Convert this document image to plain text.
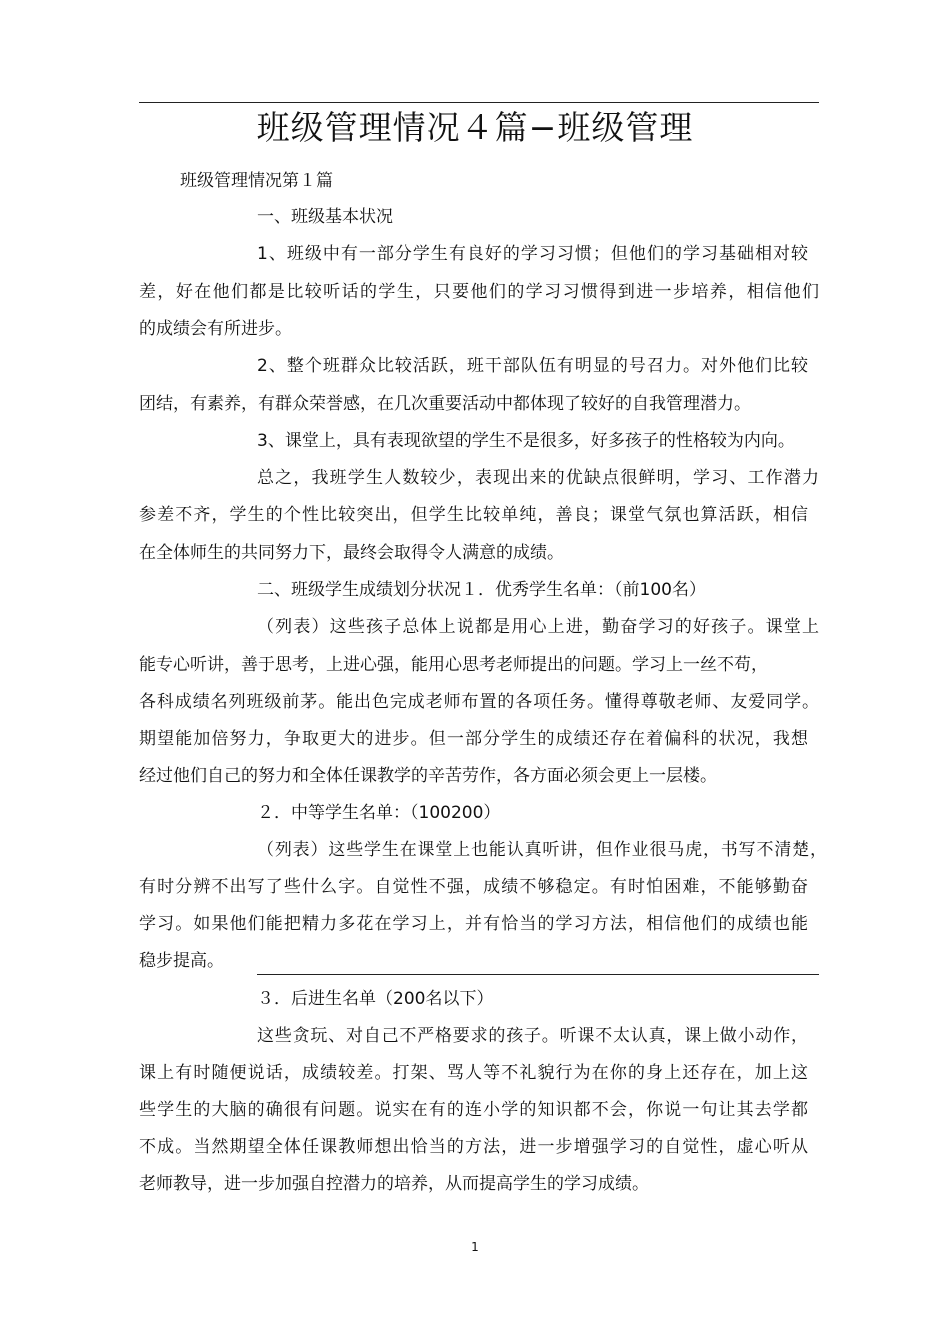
班级管理情况４篇−班级管理
班级管理情况第１篇
一、班级基本状况
1、班级中有一部分学生有良好的学习习惯；但他们的学习基础相对较
差，好在他们都是比较听话的学生，只要他们的学习习惯得到进一步培养，相信他们
的成绩会有所进步。
2、整个班群众比较活跃，班干部队伍有明显的号召力。对外他们比较
团结，有素养，有群众荣誉感，在几次重要活动中都体现了较好的自我管理潜力。
3、课堂上，具有表现欲望的学生不是很多，好多孩子的性格较为内向。
总之，我班学生人数较少，表现出来的优缺点很鲜明，学习、工作潜力
参差不齐，学生的个性比较突出，但学生比较单纯，善良；课堂气氛也算活跃，相信
在全体师生的共同努力下，最终会取得令人满意的成绩。
二、班级学生成绩划分状况１．优秀学生名单：（前100名）
（列表）这些孩子总体上说都是用心上进，勤奋学习的好孩子。课堂上
能专心听讲，善于思考，上进心强，能用心思考老师提出的问题。学习上一丝不苟，
各科成绩名列班级前茅。能出色完成老师布置的各项任务。懂得尊敬老师、友爱同学。
期望能加倍努力，争取更大的进步。但一部分学生的成绩还存在着偏科的状况，我想
经过他们自己的努力和全体任课教学的辛苦劳作，各方面必须会更上一层楼。
２．中等学生名单：（100200）
（列表）这些学生在课堂上也能认真听讲，但作业很马虎，书写不清楚，
有时分辨不出写了些什么字。自觉性不强，成绩不够稳定。有时怕困难，不能够勤奋
学习。如果他们能把精力多花在学习上，并有恰当的学习方法，相信他们的成绩也能
稳步提高。
３．后进生名单（200名以下）
这些贪玩、对自己不严格要求的孩子。听课不太认真，课上做小动作，
课上有时随便说话，成绩较差。打架、骂人等不礼貌行为在你的身上还存在，加上这
些学生的大脑的确很有问题。说实在有的连小学的知识都不会，你说一句让其去学都
不成。当然期望全体任课教师想出恰当的方法，进一步增强学习的自觉性，虚心听从
老师教导，进一步加强自控潜力的培养，从而提高学生的学习成绩。
1
